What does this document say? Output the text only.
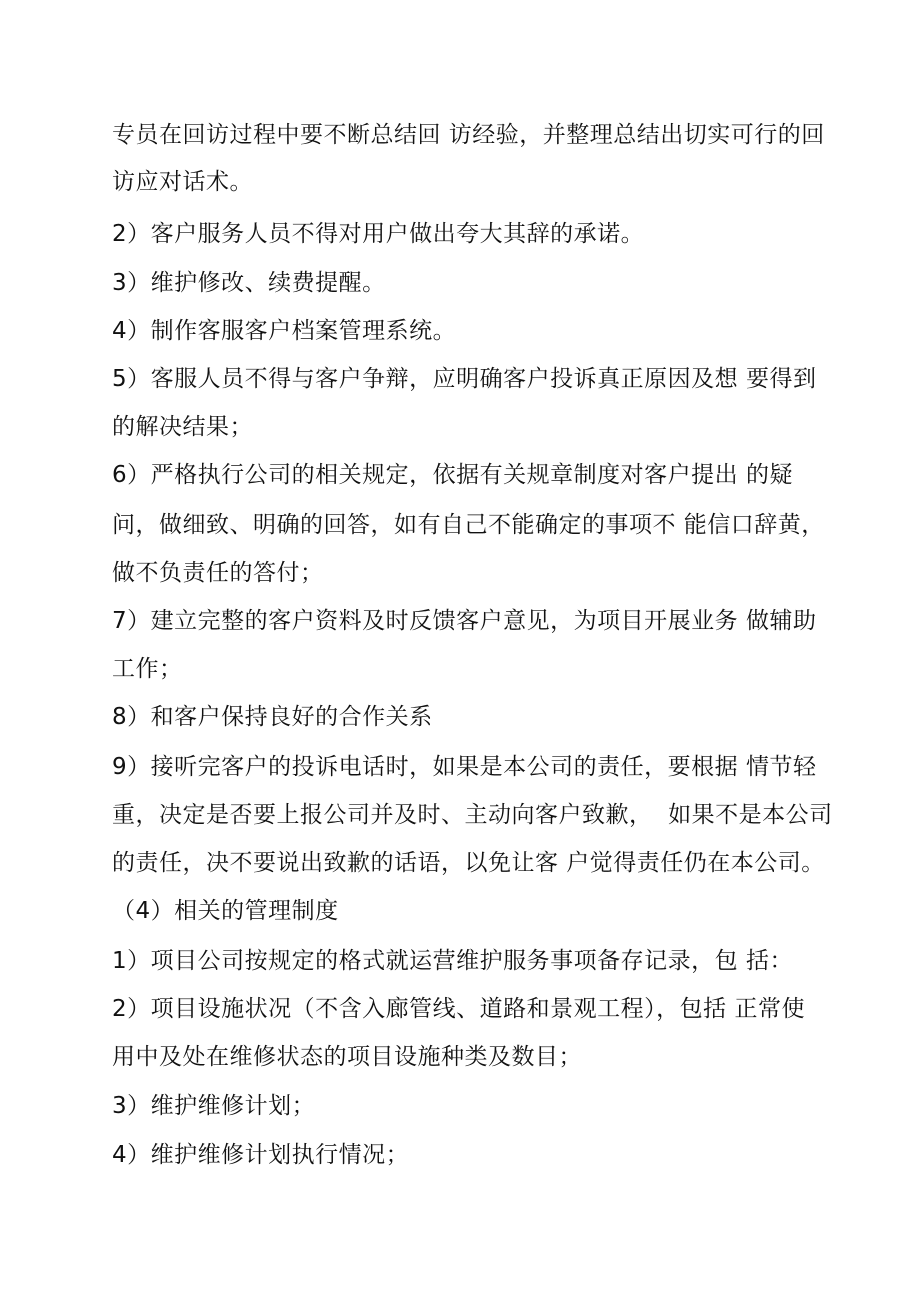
专员在回访过程中要不断总结回 访经验，并整理总结出切实可行的回
访应对话术。
2）客户服务人员不得对用户做出夸大其辞的承诺。
3）维护修改、续费提醒。
4）制作客服客户档案管理系统。
5）客服人员不得与客户争辩，应明确客户投诉真正原因及想 要得到
的解决结果；
6）严格执行公司的相关规定，依据有关规章制度对客户提出 的疑
问，做细致、明确的回答，如有自己不能确定的事项不 能信口辞黄，
做不负责任的答付；
7）建立完整的客户资料及时反馈客户意见，为项目开展业务 做辅助
工作；
8）和客户保持良好的合作关系
9）接听完客户的投诉电话时，如果是本公司的责任，要根据 情节轻
重，决定是否要上报公司并及时、主动向客户致歉，  如果不是本公司
的责任，决不要说出致歉的话语，以免让客 户觉得责任仍在本公司。
（4）相关的管理制度
1）项目公司按规定的格式就运营维护服务事项备存记录，包 括：
2）项目设施状况（不含入廊管线、道路和景观工程），包括 正常使
用中及处在维修状态的项目设施种类及数目；
3）维护维修计划；
4）维护维修计划执行情况；
